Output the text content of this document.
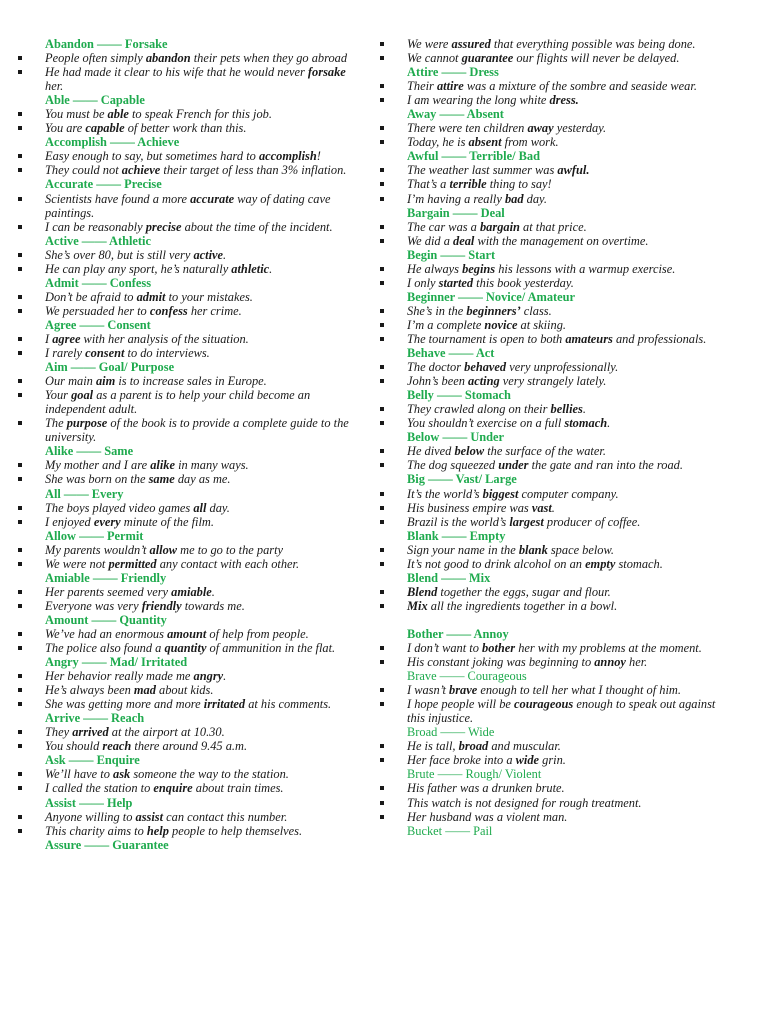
Abandon —— Forsake
People often simply abandon their pets when they go abroad
He had made it clear to his wife that he would never forsake her.
Able —— Capable
You must be able to speak French for this job.
You are capable of better work than this.
Accomplish —— Achieve
Easy enough to say, but sometimes hard to accomplish!
They could not achieve their target of less than 3% inflation.
Accurate —— Precise
Scientists have found a more accurate way of dating cave paintings.
I can be reasonably precise about the time of the incident.
Active —— Athletic
She’s over 80, but is still very active.
He can play any sport, he’s naturally athletic.
Admit —— Confess
Don’t be afraid to admit to your mistakes.
We persuaded her to confess her crime.
Agree —— Consent
I agree with her analysis of the situation.
I rarely consent to do interviews.
Aim —— Goal/ Purpose
Our main aim is to increase sales in Europe.
Your goal as a parent is to help your child become an independent adult.
The purpose of the book is to provide a complete guide to the university.
Alike —— Same
My mother and I are alike in many ways.
She was born on the same day as me.
All —— Every
The boys played video games all day.
I enjoyed every minute of the film.
Allow —— Permit
My parents wouldn’t allow me to go to the party
We were not permitted any contact with each other.
Amiable —— Friendly
Her parents seemed very amiable.
Everyone was very friendly towards me.
Amount —— Quantity
We’ve had an enormous amount of help from people.
The police also found a quantity of ammunition in the flat.
Angry —— Mad/ Irritated
Her behavior really made me angry.
He’s always been mad about kids.
She was getting more and more irritated at his comments.
Arrive —— Reach
They arrived at the airport at 10.30.
You should reach there around 9.45 a.m.
Ask —— Enquire
We’ll have to ask someone the way to the station.
I called the station to enquire about train times.
Assist —— Help
Anyone willing to assist can contact this number.
This charity aims to help people to help themselves.
Assure —— Guarantee
We were assured that everything possible was being done.
We cannot guarantee our flights will never be delayed.
Attire —— Dress
Their attire was a mixture of the sombre and seaside wear.
I am wearing the long white dress.
Away —— Absent
There were ten children away yesterday.
Today, he is absent from work.
Awful —— Terrible/ Bad
The weather last summer was awful.
That’s a terrible thing to say!
I’m having a really bad day.
Bargain —— Deal
The car was a bargain at that price.
We did a deal with the management on overtime.
Begin —— Start
He always begins his lessons with a warmup exercise.
I only started this book yesterday.
Beginner —— Novice/ Amateur
She’s in the beginners’ class.
I’m a complete novice at skiing.
The tournament is open to both amateurs and professionals.
Behave —— Act
The doctor behaved very unprofessionally.
John’s been acting very strangely lately.
Belly —— Stomach
They crawled along on their bellies.
You shouldn’t exercise on a full stomach.
Below —— Under
He dived below the surface of the water.
The dog squeezed under the gate and ran into the road.
Big —— Vast/ Large
It’s the world’s biggest computer company.
His business empire was vast.
Brazil is the world’s largest producer of coffee.
Blank —— Empty
Sign your name in the blank space below.
It’s not good to drink alcohol on an empty stomach.
Blend —— Mix
Blend together the eggs, sugar and flour.
Mix all the ingredients together in a bowl.
Bother —— Annoy
I don’t want to bother her with my problems at the moment.
His constant joking was beginning to annoy her.
Brave —— Courageous
I wasn’t brave enough to tell her what I thought of him.
I hope people will be courageous enough to speak out against this injustice.
Broad —— Wide
He is tall, broad and muscular.
Her face broke into a wide grin.
Brute —— Rough/ Violent
His father was a drunken brute.
This watch is not designed for rough treatment.
Her husband was a violent man.
Bucket —— Pail
